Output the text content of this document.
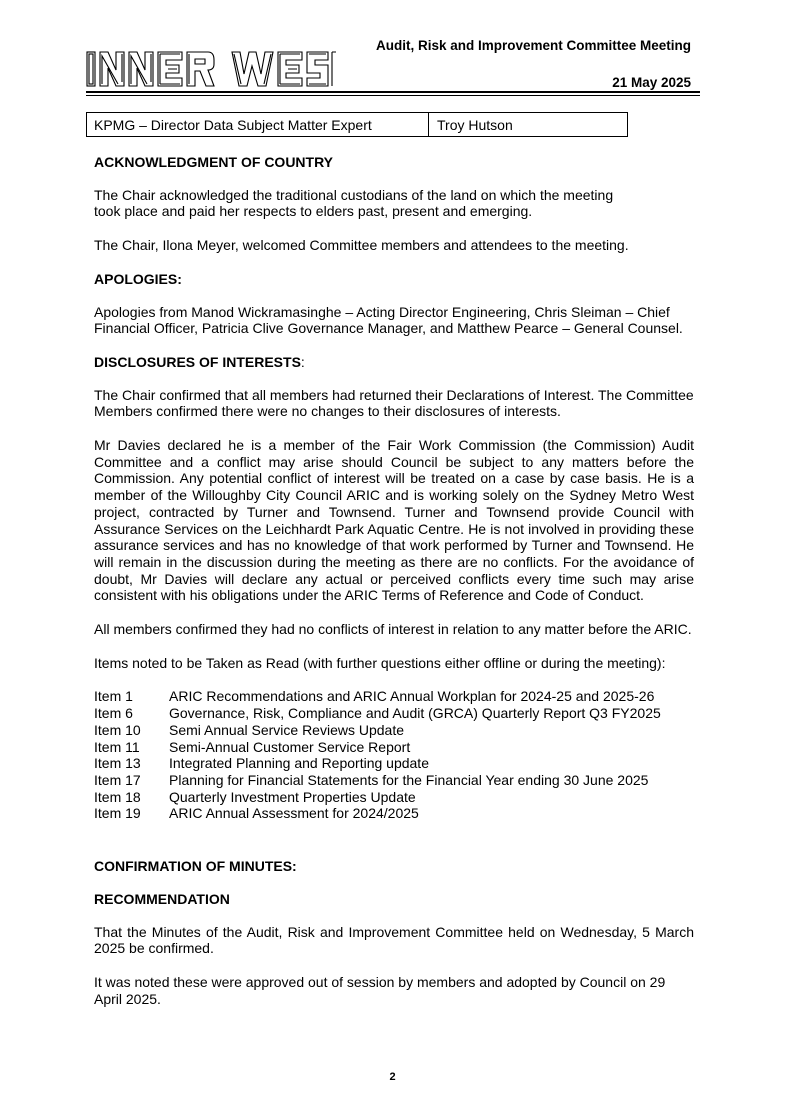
Audit, Risk and Improvement Committee Meeting
21 May 2025
KPMG – Director Data Subject Matter Expert	Troy Hutson
ACKNOWLEDGMENT OF COUNTRY
The Chair acknowledged the traditional custodians of the land on which the meeting took place and paid her respects to elders past, present and emerging.
The Chair, Ilona Meyer, welcomed Committee members and attendees to the meeting.
APOLOGIES:
Apologies from Manod Wickramasinghe – Acting Director Engineering, Chris Sleiman – Chief Financial Officer, Patricia Clive Governance Manager, and Matthew Pearce – General Counsel.
DISCLOSURES OF INTERESTS:
The Chair confirmed that all members had returned their Declarations of Interest. The Committee Members confirmed there were no changes to their disclosures of interests.
Mr Davies declared he is a member of the Fair Work Commission (the Commission) Audit Committee and a conflict may arise should Council be subject to any matters before the Commission. Any potential conflict of interest will be treated on a case by case basis. He is a member of the Willoughby City Council ARIC and is working solely on the Sydney Metro West project, contracted by Turner and Townsend. Turner and Townsend provide Council with Assurance Services on the Leichhardt Park Aquatic Centre. He is not involved in providing these assurance services and has no knowledge of that work performed by Turner and Townsend. He will remain in the discussion during the meeting as there are no conflicts. For the avoidance of doubt, Mr Davies will declare any actual or perceived conflicts every time such may arise consistent with his obligations under the ARIC Terms of Reference and Code of Conduct.
All members confirmed they had no conflicts of interest in relation to any matter before the ARIC.
Items noted to be Taken as Read (with further questions either offline or during the meeting):
Item 1	ARIC Recommendations and ARIC Annual Workplan for 2024-25 and 2025-26
Item 6	Governance, Risk, Compliance and Audit (GRCA) Quarterly Report Q3 FY2025
Item 10	Semi Annual Service Reviews Update
Item 11	Semi-Annual Customer Service Report
Item 13	Integrated Planning and Reporting update
Item 17	Planning for Financial Statements for the Financial Year ending 30 June 2025
Item 18	Quarterly Investment Properties Update
Item 19	ARIC Annual Assessment for 2024/2025
CONFIRMATION OF MINUTES:
RECOMMENDATION
That the Minutes of the Audit, Risk and Improvement Committee held on Wednesday, 5 March 2025 be confirmed.
It was noted these were approved out of session by members and adopted by Council on 29 April 2025.
2
